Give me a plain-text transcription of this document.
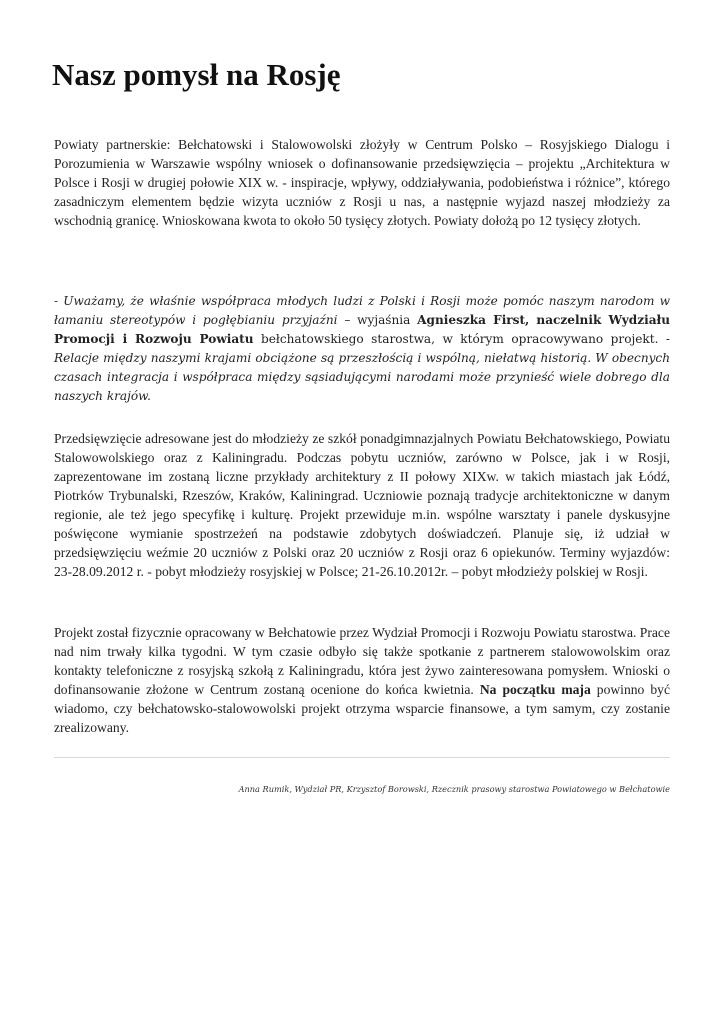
Nasz pomysł na Rosję

Powiaty partnerskie: Bełchatowski i Stalowowolski złożyły w Centrum Polsko – Rosyjskiego Dialogu i Porozumienia w Warszawie wspólny wniosek o dofinansowanie przedsięwzięcia – projektu „Architektura w Polsce i Rosji w drugiej połowie XIX w. - inspiracje, wpływy, oddziaływania, podobieństwa i różnice”, którego zasadniczym elementem będzie wizyta uczniów z Rosji u nas, a następnie wyjazd naszej młodzieży za wschodnią granicę. Wnioskowana kwota to około 50 tysięcy złotych. Powiaty dołożą po 12 tysięcy złotych.

- Uważamy, że właśnie współpraca młodych ludzi z Polski i Rosji może pomóc naszym narodom w łamaniu stereotypów i pogłębianiu przyjaźni – wyjaśnia Agnieszka First, naczelnik Wydziału Promocji i Rozwoju Powiatu bełchatowskiego starostwa, w którym opracowywano projekt. - Relacje między naszymi krajami obciążone są przeszłością i wspólną, niełatwą historią. W obecnych czasach integracja i współpraca między sąsiadującymi narodami może przynieść wiele dobrego dla naszych krajów.

Przedsięwzięcie adresowane jest do młodzieży ze szkół ponadgimnazjalnych Powiatu Bełchatowskiego, Powiatu Stalowowolskiego oraz z Kaliningradu. Podczas pobytu uczniów, zarówno w Polsce, jak i w Rosji, zaprezentowane im zostaną liczne przykłady architektury z II połowy XIXw. w takich miastach jak Łódź, Piotrków Trybunalski, Rzeszów, Kraków, Kaliningrad. Uczniowie poznają tradycje architektoniczne w danym regionie, ale też jego specyfikę i kulturę. Projekt przewiduje m.in. wspólne warsztaty i panele dyskusyjne poświęcone wymianie spostrzeżeń na podstawie zdobytych doświadczeń. Planuje się, iż udział w przedsięwzięciu weźmie 20 uczniów z Polski oraz 20 uczniów z Rosji oraz 6 opiekunów. Terminy wyjazdów: 23-28.09.2012 r. - pobyt młodzieży rosyjskiej w Polsce; 21-26.10.2012r. – pobyt młodzieży polskiej w Rosji.

Projekt został fizycznie opracowany w Bełchatowie przez Wydział Promocji i Rozwoju Powiatu starostwa. Prace nad nim trwały kilka tygodni. W tym czasie odbyło się także spotkanie z partnerem stalowowolskim oraz kontakty telefoniczne z rosyjską szkołą z Kaliningradu, która jest żywo zainteresowana pomysłem. Wnioski o dofinansowanie złożone w Centrum zostaną ocenione do końca kwietnia. Na początku maja powinno być wiadomo, czy bełchatowsko-stalowowolski projekt otrzyma wsparcie finansowe, a tym samym, czy zostanie zrealizowany.

Anna Rumik, Wydział PR, Krzysztof Borowski, Rzecznik prasowy starostwa Powiatowego w Bełchatowie
